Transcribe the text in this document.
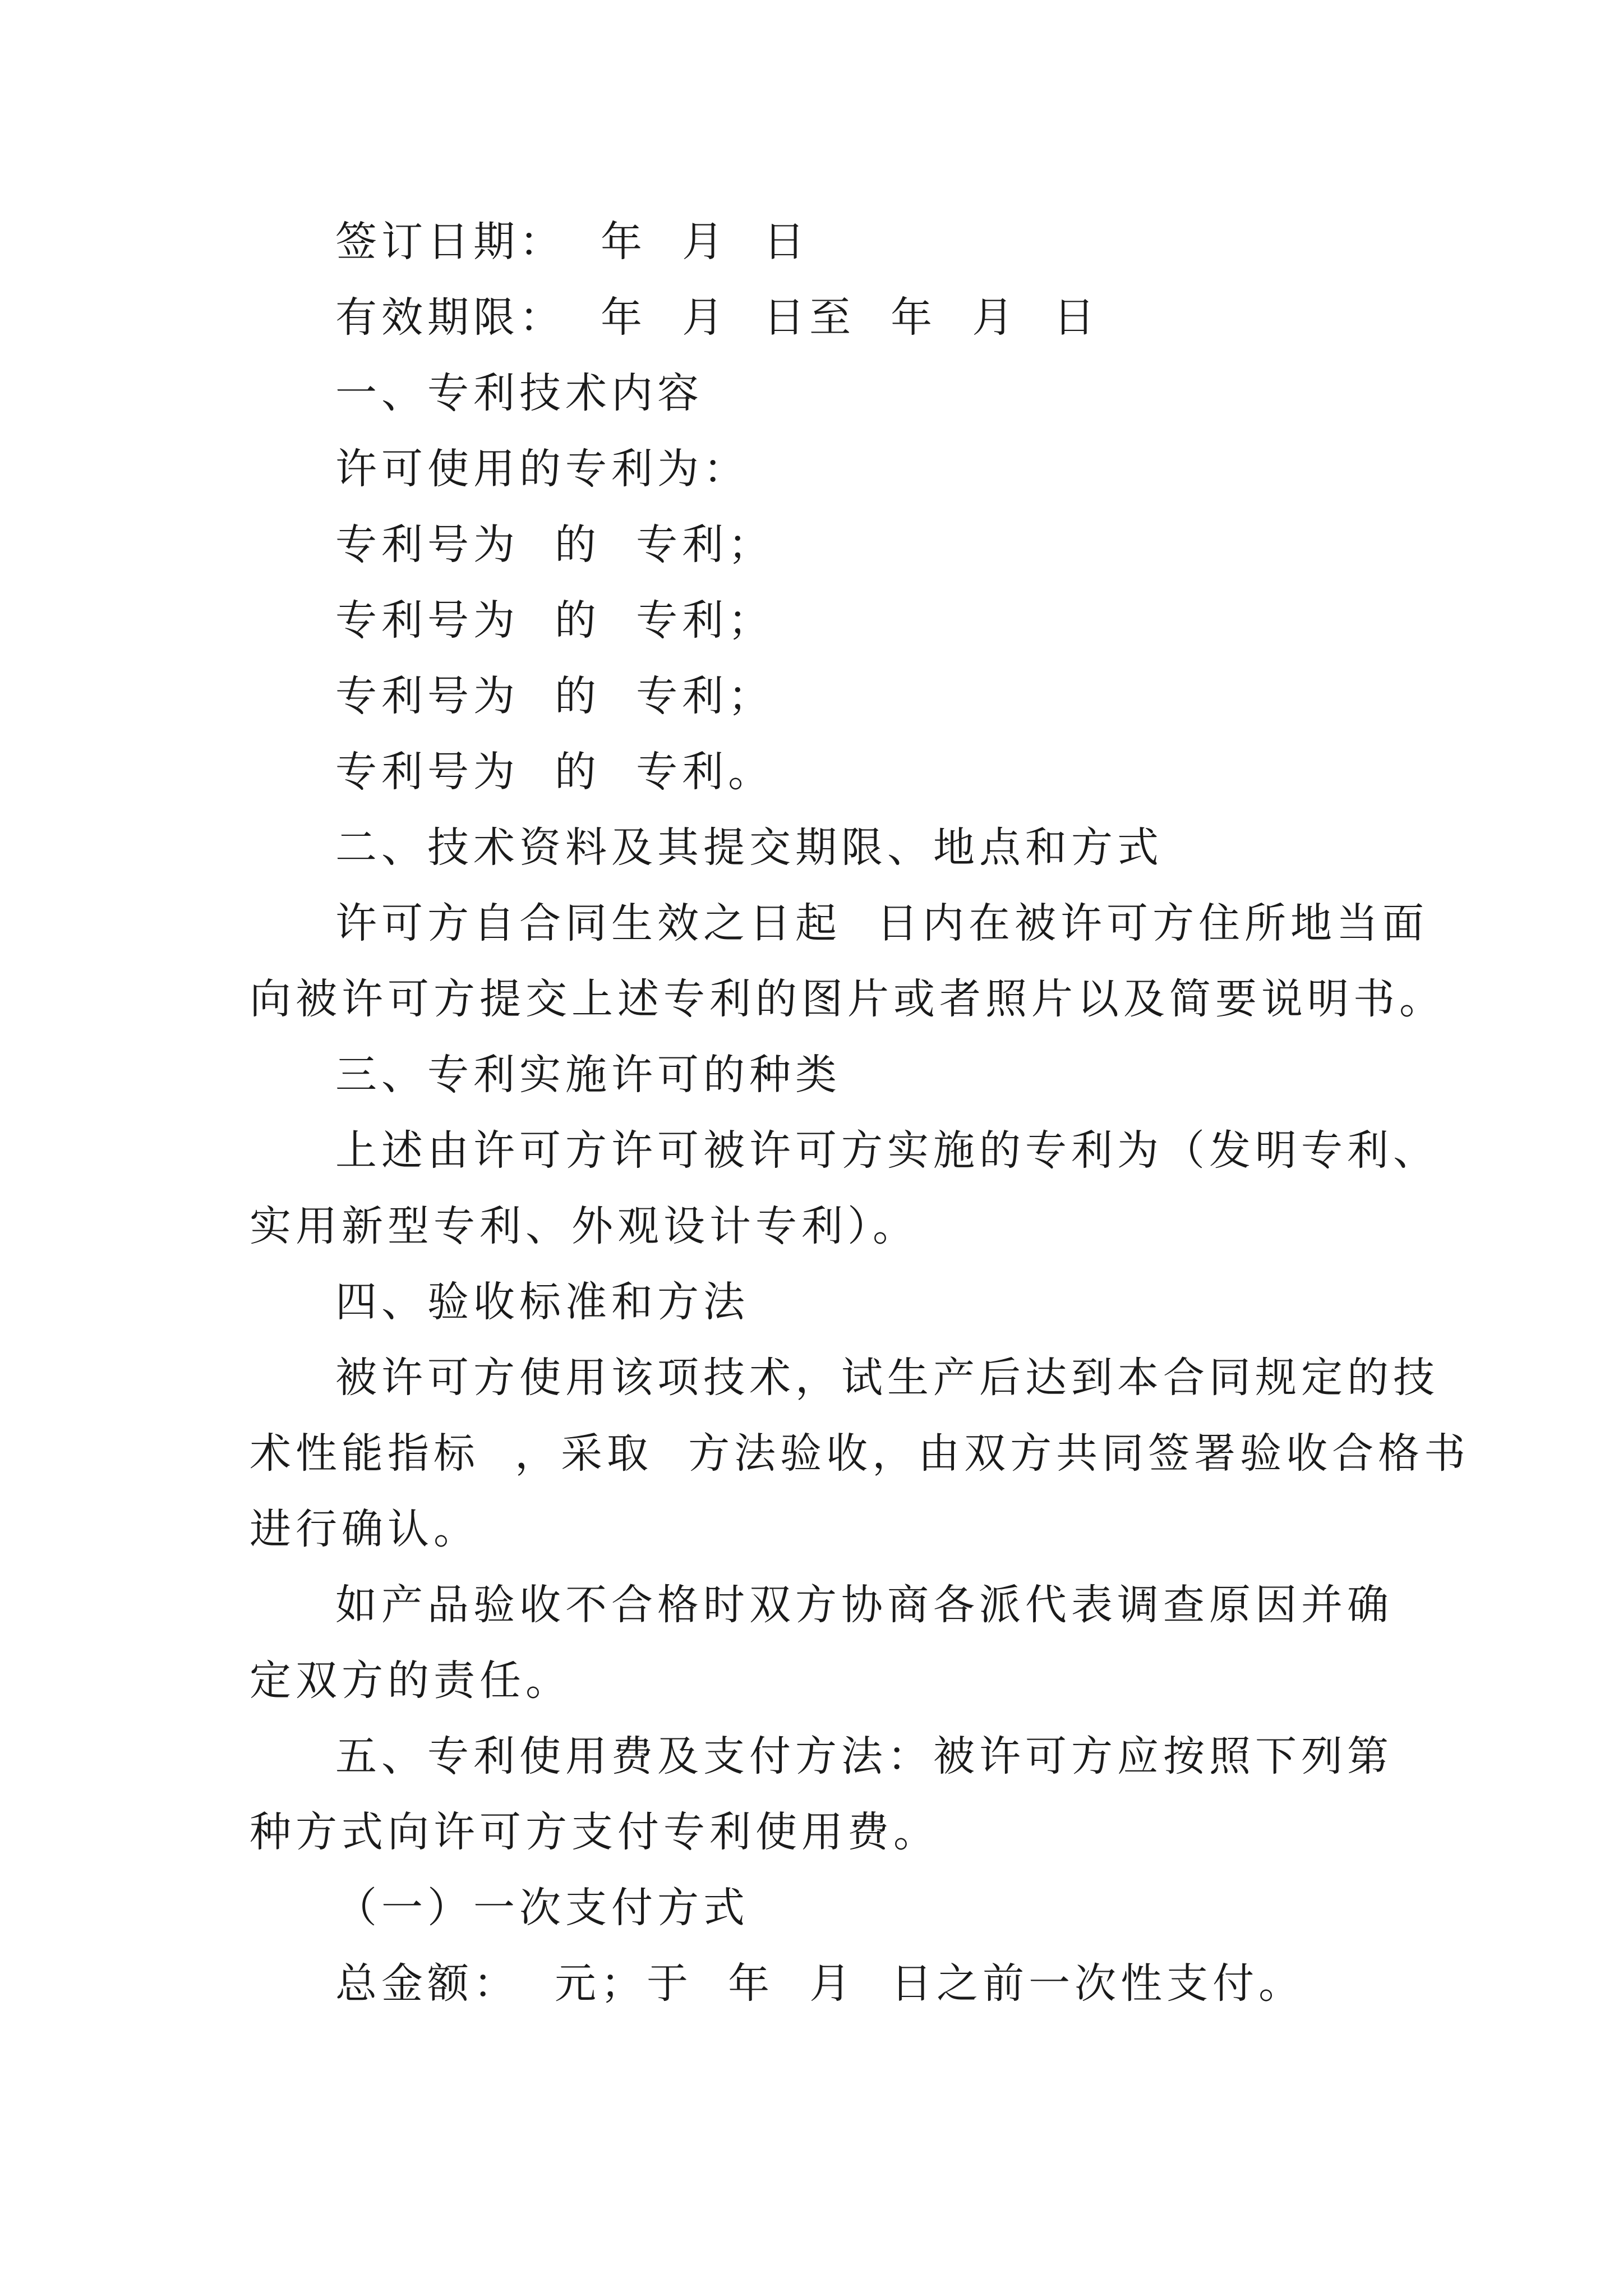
签订日期：  年  月  日
有效期限：  年  月  日至  年  月  日
一、专利技术内容
许可使用的专利为：
专利号为  的  专利；
专利号为  的  专利；
专利号为  的  专利；
专利号为  的  专利。
二、技术资料及其提交期限、地点和方式
许可方自合同生效之日起  日内在被许可方住所地当面
向被许可方提交上述专利的图片或者照片以及简要说明书。
三、专利实施许可的种类
上述由许可方许可被许可方实施的专利为（发明专利、
实用新型专利、外观设计专利）。
四、验收标准和方法
被许可方使用该项技术，试生产后达到本合同规定的技
术性能指标  ，采取  方法验收，由双方共同签署验收合格书
进行确认。
如产品验收不合格时双方协商各派代表调查原因并确
定双方的责任。
五、专利使用费及支付方法：被许可方应按照下列第
种方式向许可方支付专利使用费。
（一）一次支付方式
总金额：  元；于  年  月  日之前一次性支付。
